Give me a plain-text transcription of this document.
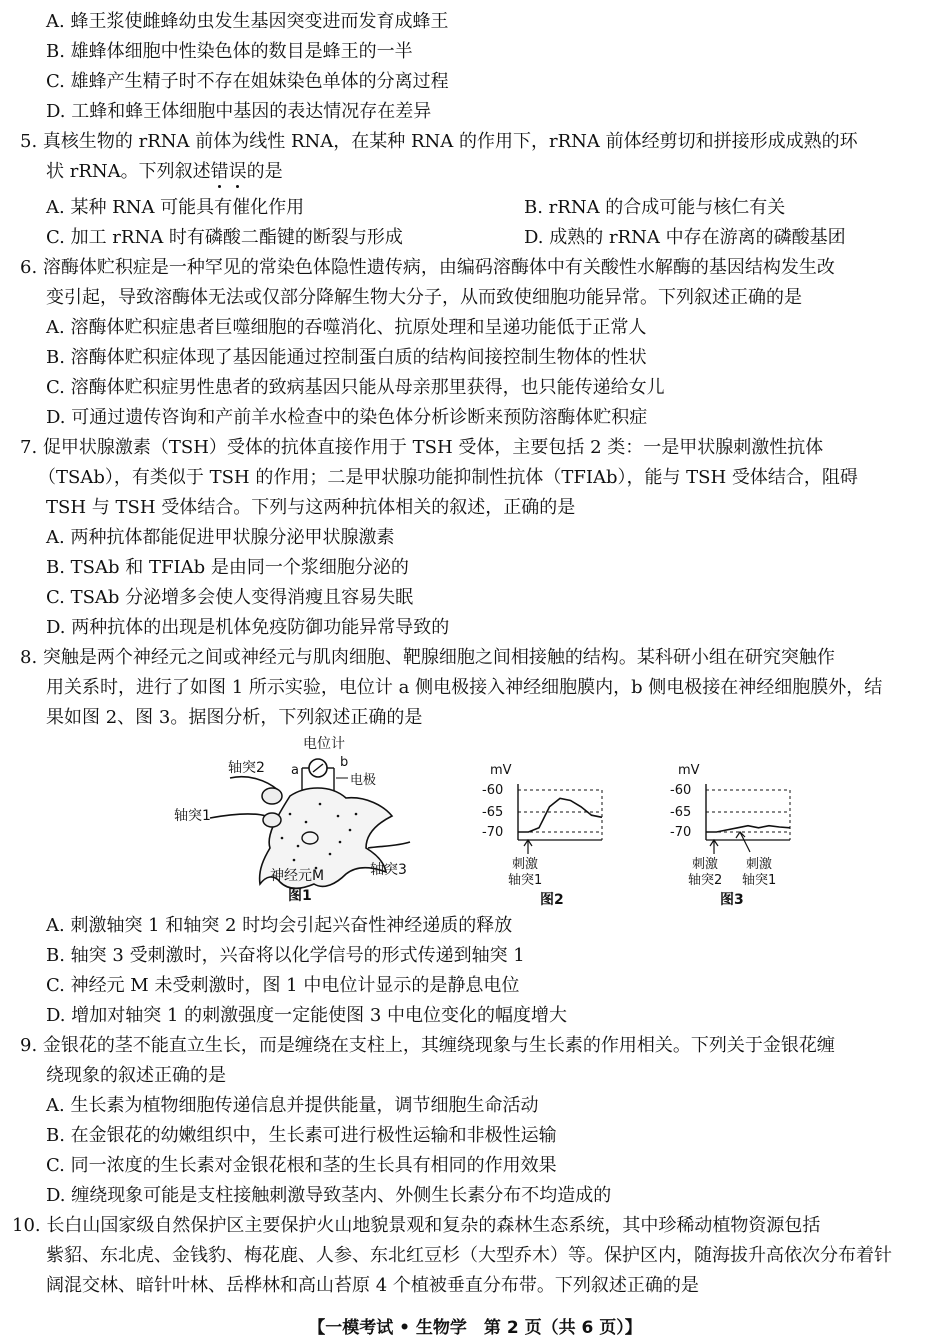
A. 蜂王浆使雌蜂幼虫发生基因突变进而发育成蜂王
B. 雄蜂体细胞中性染色体的数目是蜂王的一半
C. 雄蜂产生精子时不存在姐妹染色单体的分离过程
D. 工蜂和蜂王体细胞中基因的表达情况存在差异
5. 真核生物的 rRNA 前体为线性 RNA，在某种 RNA 的作用下，rRNA 前体经剪切和拼接形成成熟的环
状 rRNA。下列叙述错误
的是
A. 某种 RNA 可能具有催化作用	B. rRNA 的合成可能与核仁有关
C. 加工 rRNA 时有磷酸二酯键的断裂与形成	D. 成熟的 rRNA 中存在游离的磷酸基团
6. 溶酶体贮积症是一种罕见的常染色体隐性遗传病，由编码溶酶体中有关酸性水解酶的基因结构发生改
变引起，导致溶酶体无法或仅部分降解生物大分子，从而致使细胞功能异常。下列叙述正确的是
A. 溶酶体贮积症患者巨噬细胞的吞噬消化、抗原处理和呈递功能低于正常人
B. 溶酶体贮积症体现了基因能通过控制蛋白质的结构间接控制生物体的性状
C. 溶酶体贮积症男性患者的致病基因只能从母亲那里获得，也只能传递给女儿
D. 可通过遗传咨询和产前羊水检查中的染色体分析诊断来预防溶酶体贮积症
7. 促甲状腺激素（TSH）受体的抗体直接作用于 TSH 受体，主要包括 2 类：一是甲状腺刺激性抗体
（TSAb），有类似于 TSH 的作用；二是甲状腺功能抑制性抗体（TFIAb），能与 TSH 受体结合，阻碍
TSH 与 TSH 受体结合。下列与这两种抗体相关的叙述，正确的是
A. 两种抗体都能促进甲状腺分泌甲状腺激素
B. TSAb 和 TFIAb 是由同一个浆细胞分泌的
C. TSAb 分泌增多会使人变得消瘦且容易失眠
D. 两种抗体的出现是机体免疫防御功能异常导致的
8. 突触是两个神经元之间或神经元与肌肉细胞、靶腺细胞之间相接触的结构。某科研小组在研究突触作
用关系时，进行了如图 1 所示实验，电位计 a 侧电极接入神经细胞膜内，b 侧电极接在神经细胞膜外，结
果如图 2、图 3。据图分析，下列叙述正确的是
电位计
a
b
电极
轴突2
轴突1
轴突3
神经元M
图1
mV
-60
-65
-70
刺激
轴突1
图2
mV
-60
-65
-70
刺激
轴突2
刺激
轴突1
图3
A. 刺激轴突 1 和轴突 2 时均会引起兴奋性神经递质的释放
B. 轴突 3 受刺激时，兴奋将以化学信号的形式传递到轴突 1
C. 神经元 M 未受刺激时，图 1 中电位计显示的是静息电位
D. 增加对轴突 1 的刺激强度一定能使图 3 中电位变化的幅度增大
9. 金银花的茎不能直立生长，而是缠绕在支柱上，其缠绕现象与生长素的作用相关。下列关于金银花缠
绕现象的叙述正确的是
A. 生长素为植物细胞传递信息并提供能量，调节细胞生命活动
B. 在金银花的幼嫩组织中，生长素可进行极性运输和非极性运输
C. 同一浓度的生长素对金银花根和茎的生长具有相同的作用效果
D. 缠绕现象可能是支柱接触刺激导致茎内、外侧生长素分布不均造成的
10. 长白山国家级自然保护区主要保护火山地貌景观和复杂的森林生态系统，其中珍稀动植物资源包括
紫貂、东北虎、金钱豹、梅花鹿、人参、东北红豆杉（大型乔木）等。保护区内，随海拔升高依次分布着针
阔混交林、暗针叶林、岳桦林和高山苔原 4 个植被垂直分布带。下列叙述正确的是
【一模考试 • 生物学　第 2 页（共 6 页）】
